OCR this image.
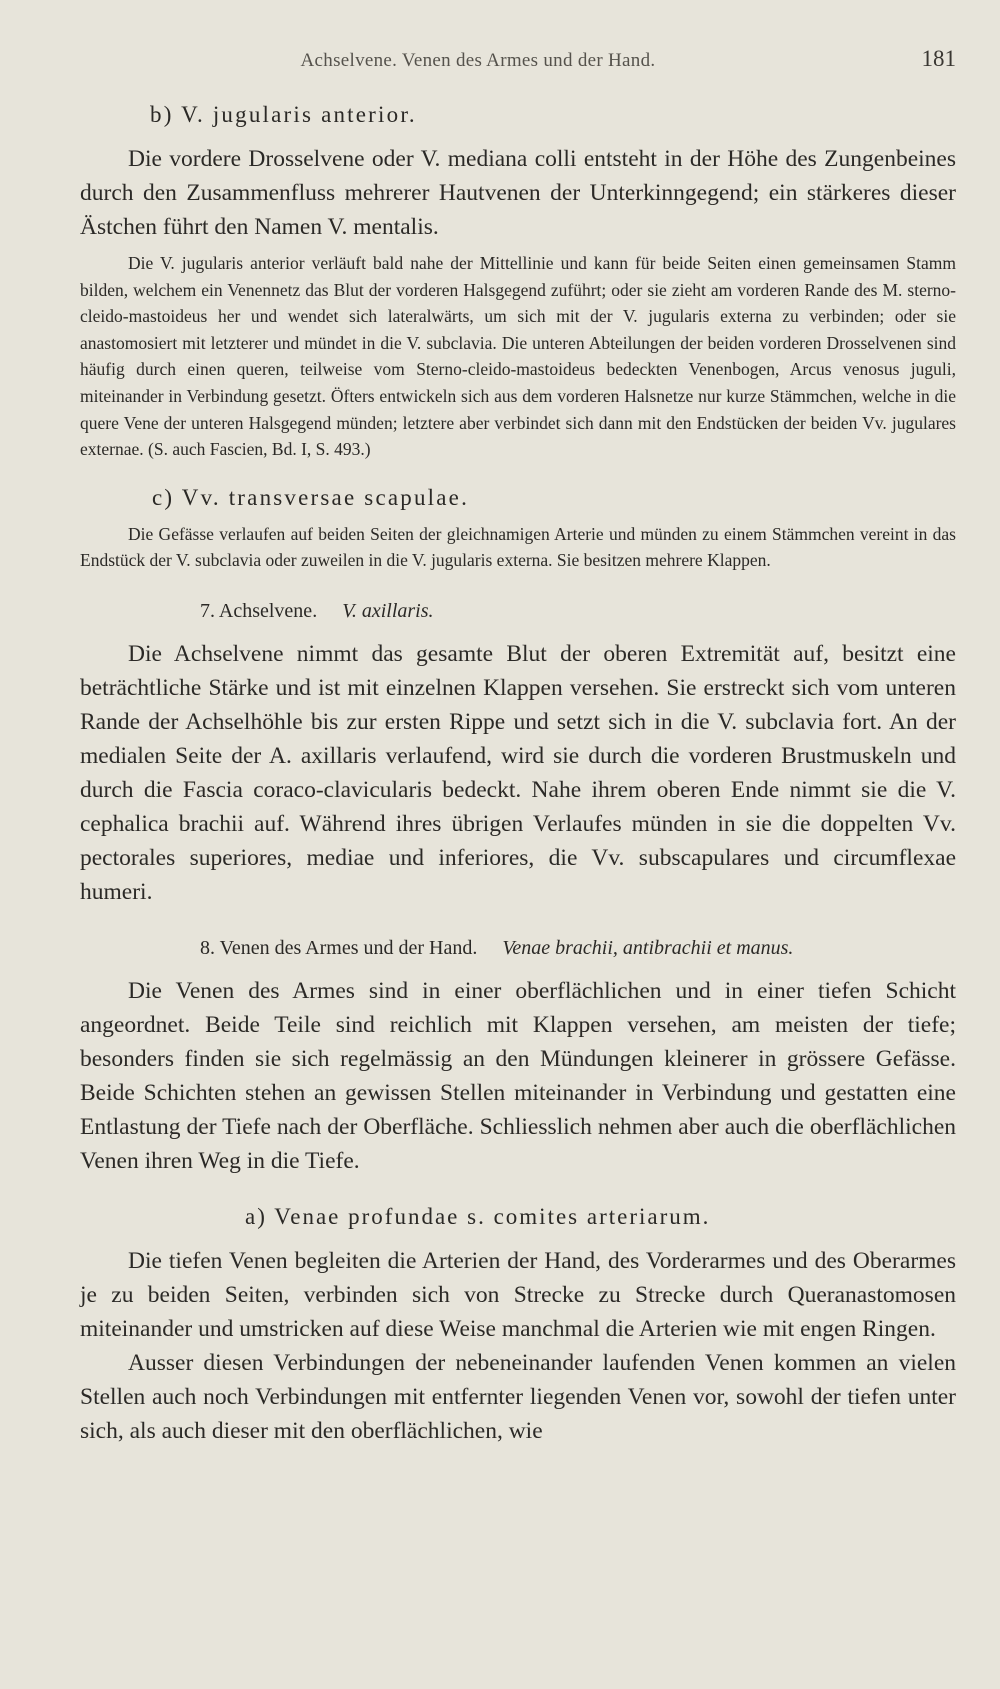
Achselvene. Venen des Armes und der Hand.	181
b) V. jugularis anterior.

Die vordere Drosselvene oder V. mediana colli entsteht in der Höhe des Zungenbeines durch den Zusammenfluss mehrerer Hautvenen der Unterkinngegend; ein stärkeres dieser Ästchen führt den Namen V. mentalis.

Die V. jugularis anterior verläuft bald nahe der Mittellinie und kann für beide Seiten einen gemeinsamen Stamm bilden, welchem ein Venennetz das Blut der vorderen Halsgegend zuführt; oder sie zieht am vorderen Rande des M. sterno-cleido-mastoideus her und wendet sich lateralwärts, um sich mit der V. jugularis externa zu verbinden; oder sie anastomosiert mit letzterer und mündet in die V. subclavia. Die unteren Abteilungen der beiden vorderen Drosselvenen sind häufig durch einen queren, teilweise vom Sterno-cleido-mastoideus bedeckten Venenbogen, Arcus venosus juguli, miteinander in Verbindung gesetzt. Öfters entwickeln sich aus dem vorderen Halsnetze nur kurze Stämmchen, welche in die quere Vene der unteren Halsgegend münden; letztere aber verbindet sich dann mit den Endstücken der beiden Vv. jugulares externae. (S. auch Fascien, Bd. I, S. 493.)

c) Vv. transversae scapulae.

Die Gefässe verlaufen auf beiden Seiten der gleichnamigen Arterie und münden zu einem Stämmchen vereint in das Endstück der V. subclavia oder zuweilen in die V. jugularis externa. Sie besitzen mehrere Klappen.

7. Achselvene. V. axillaris.

Die Achselvene nimmt das gesamte Blut der oberen Extremität auf, besitzt eine beträchtliche Stärke und ist mit einzelnen Klappen versehen. Sie erstreckt sich vom unteren Rande der Achselhöhle bis zur ersten Rippe und setzt sich in die V. subclavia fort. An der medialen Seite der A. axillaris verlaufend, wird sie durch die vorderen Brustmuskeln und durch die Fascia coraco-clavicularis bedeckt. Nahe ihrem oberen Ende nimmt sie die V. cephalica brachii auf. Während ihres übrigen Verlaufes münden in sie die doppelten Vv. pectorales superiores, mediae und inferiores, die Vv. subscapulares und circumflexae humeri.

8. Venen des Armes und der Hand. Venae brachii, antibrachii et manus.

Die Venen des Armes sind in einer oberflächlichen und in einer tiefen Schicht angeordnet. Beide Teile sind reichlich mit Klappen versehen, am meisten der tiefe; besonders finden sie sich regelmässig an den Mündungen kleinerer in grössere Gefässe. Beide Schichten stehen an gewissen Stellen miteinander in Verbindung und gestatten eine Entlastung der Tiefe nach der Oberfläche. Schliesslich nehmen aber auch die oberflächlichen Venen ihren Weg in die Tiefe.

a) Venae profundae s. comites arteriarum.

Die tiefen Venen begleiten die Arterien der Hand, des Vorderarmes und des Oberarmes je zu beiden Seiten, verbinden sich von Strecke zu Strecke durch Queranastomosen miteinander und umstricken auf diese Weise manchmal die Arterien wie mit engen Ringen.

Ausser diesen Verbindungen der nebeneinander laufenden Venen kommen an vielen Stellen auch noch Verbindungen mit entfernter liegenden Venen vor, sowohl der tiefen unter sich, als auch dieser mit den oberflächlichen, wie
